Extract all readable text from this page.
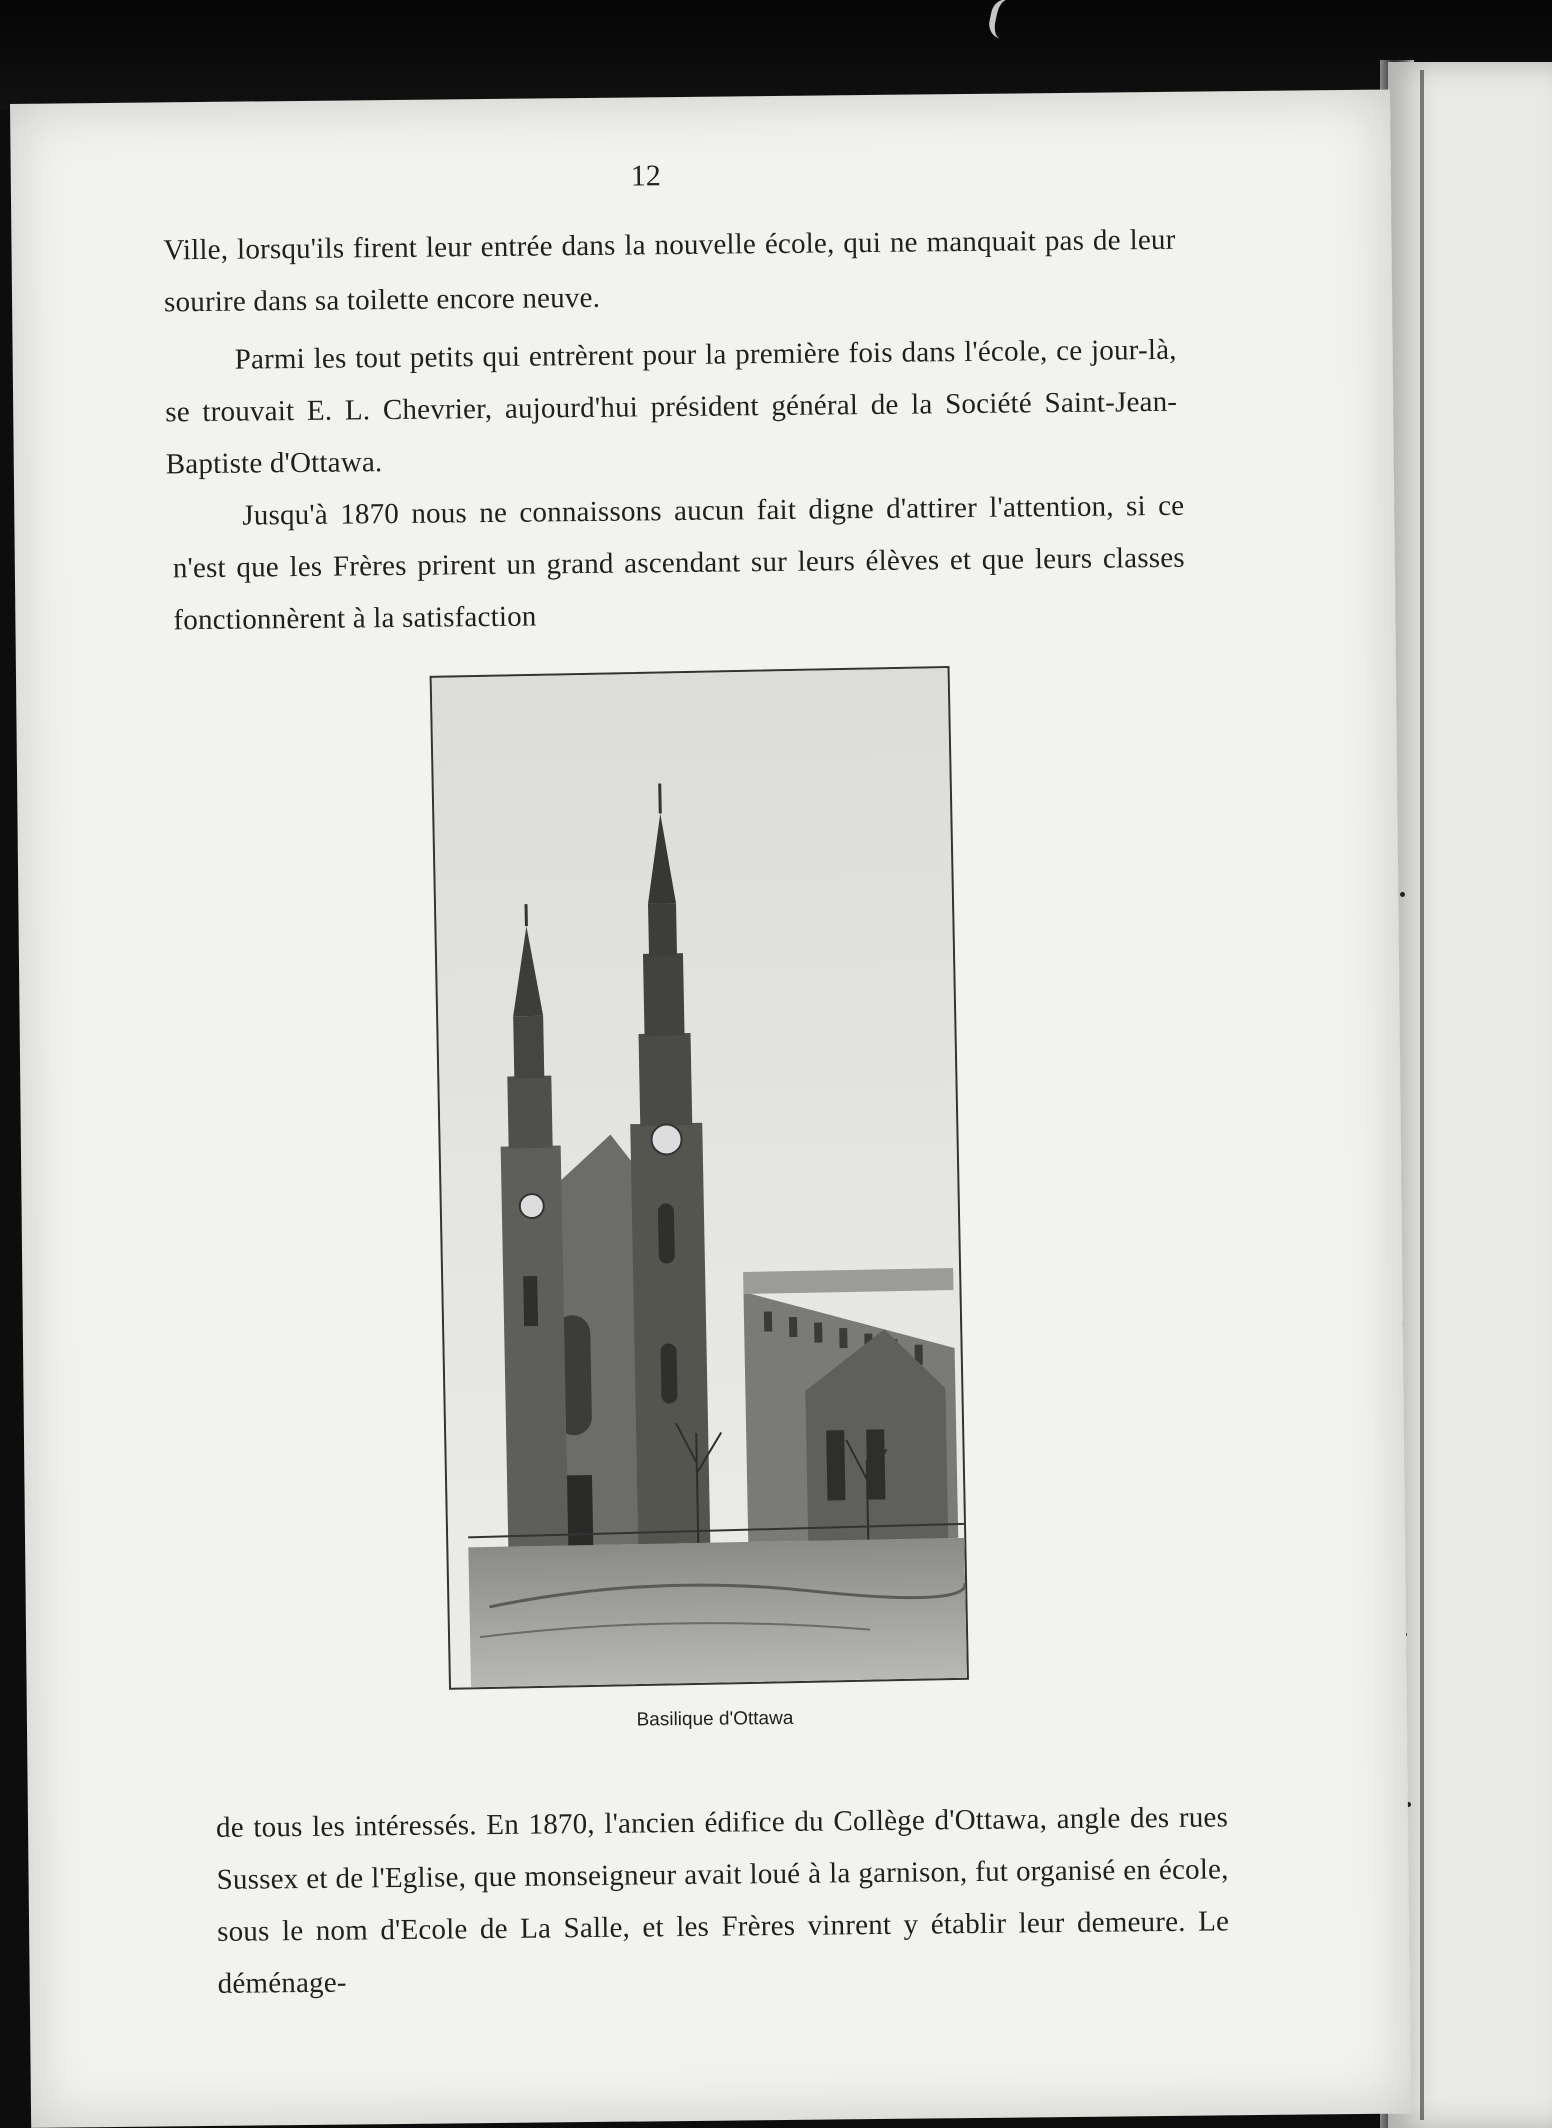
12

Ville, lorsqu'ils firent leur entrée dans la nouvelle école, qui ne manquait pas de leur sourire dans sa toilette encore neuve.

Parmi les tout petits qui entrèrent pour la première fois dans l'école, ce jour-là, se trouvait E. L. Chevrier, aujourd'hui président général de la Société Saint-Jean-Baptiste d'Ottawa.

Jusqu'à 1870 nous ne connaissons aucun fait digne d'attirer l'attention, si ce n'est que les Frères prirent un grand ascendant sur leurs élèves et que leurs classes fonctionnèrent à la satisfaction

Basilique d'Ottawa

de tous les intéressés. En 1870, l'ancien édifice du Collège d'Ottawa, angle des rues Sussex et de l'Eglise, que monseigneur avait loué à la garnison, fut organisé en école, sous le nom d'Ecole de La Salle, et les Frères vinrent y établir leur demeure. Le déménage-
